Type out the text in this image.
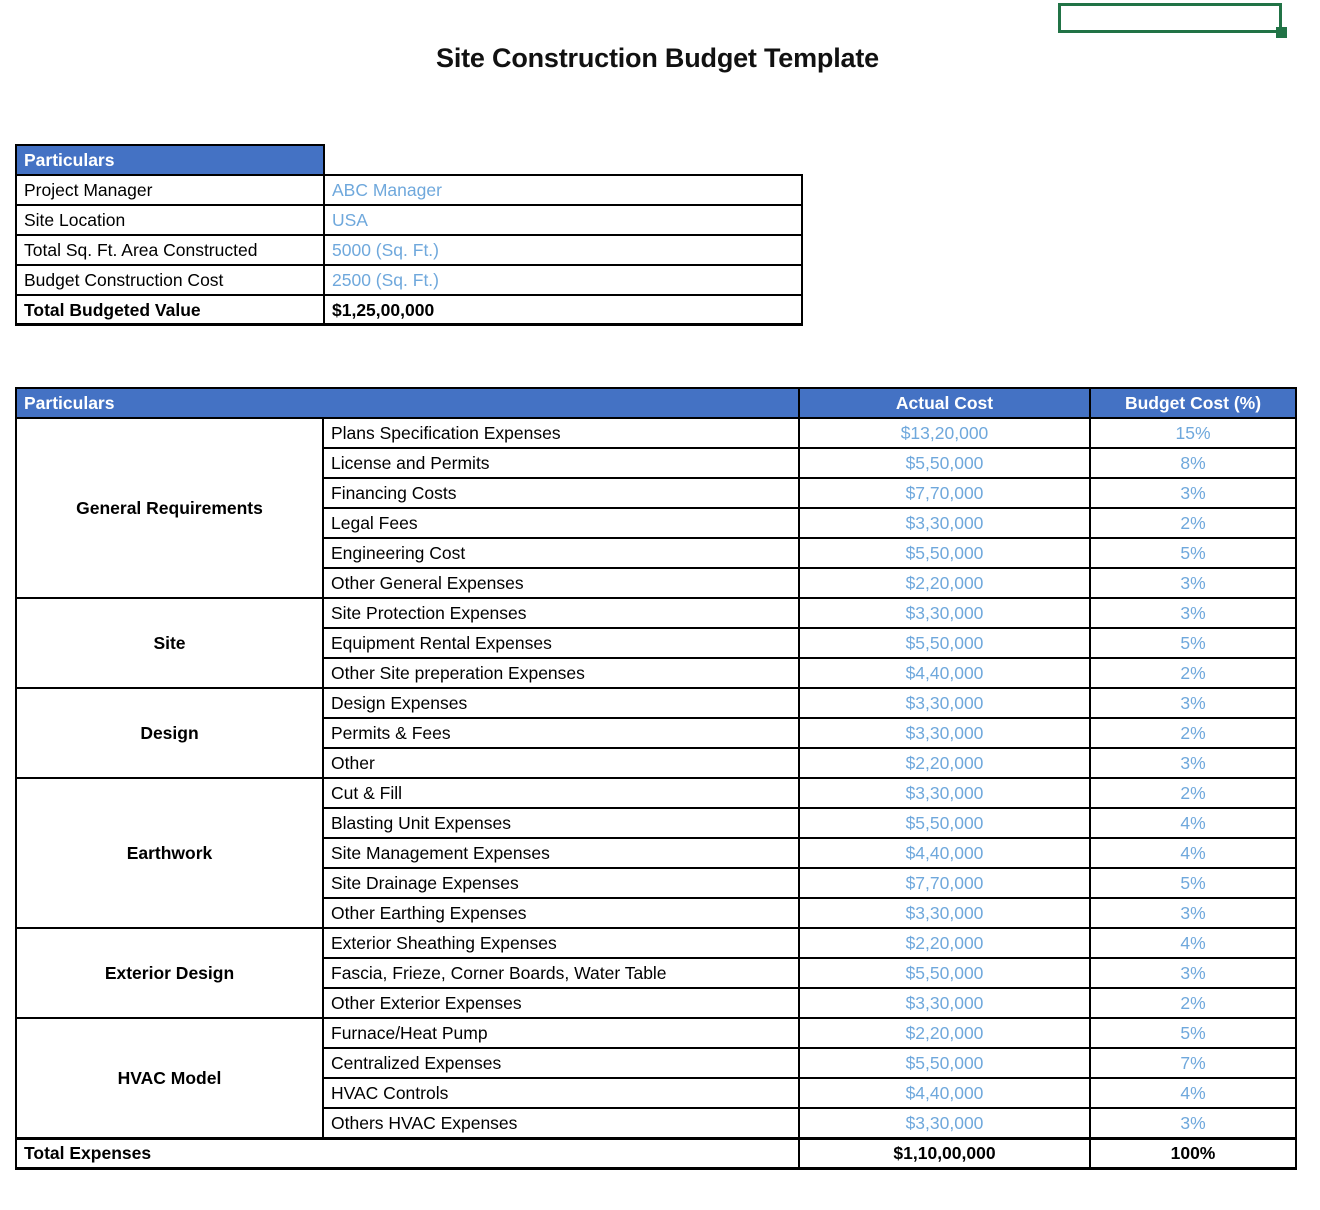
Site Construction Budget Template
Particulars	
Project Manager	ABC Manager
Site Location	USA
Total Sq. Ft. Area Constructed	5000 (Sq. Ft.)
Budget Construction Cost	2500 (Sq. Ft.)
Total Budgeted Value	$1,25,00,000
Particulars		Actual Cost	Budget Cost (%)
General Requirements	Plans Specification Expenses	$13,20,000	15%
	License and Permits	$5,50,000	8%
	Financing Costs	$7,70,000	3%
	Legal Fees	$3,30,000	2%
	Engineering Cost	$5,50,000	5%
	Other General Expenses	$2,20,000	3%
Site	Site Protection Expenses	$3,30,000	3%
	Equipment Rental Expenses	$5,50,000	5%
	Other Site preperation Expenses	$4,40,000	2%
Design	Design Expenses	$3,30,000	3%
	Permits & Fees	$3,30,000	2%
	Other	$2,20,000	3%
Earthwork	Cut & Fill	$3,30,000	2%
	Blasting Unit Expenses	$5,50,000	4%
	Site Management Expenses	$4,40,000	4%
	Site Drainage Expenses	$7,70,000	5%
	Other Earthing Expenses	$3,30,000	3%
Exterior Design	Exterior Sheathing Expenses	$2,20,000	4%
	Fascia, Frieze, Corner Boards, Water Table	$5,50,000	3%
	Other Exterior Expenses	$3,30,000	2%
HVAC Model	Furnace/Heat Pump	$2,20,000	5%
	Centralized Expenses	$5,50,000	7%
	HVAC Controls	$4,40,000	4%
	Others HVAC Expenses	$3,30,000	3%
Total Expenses		$1,10,00,000	100%
